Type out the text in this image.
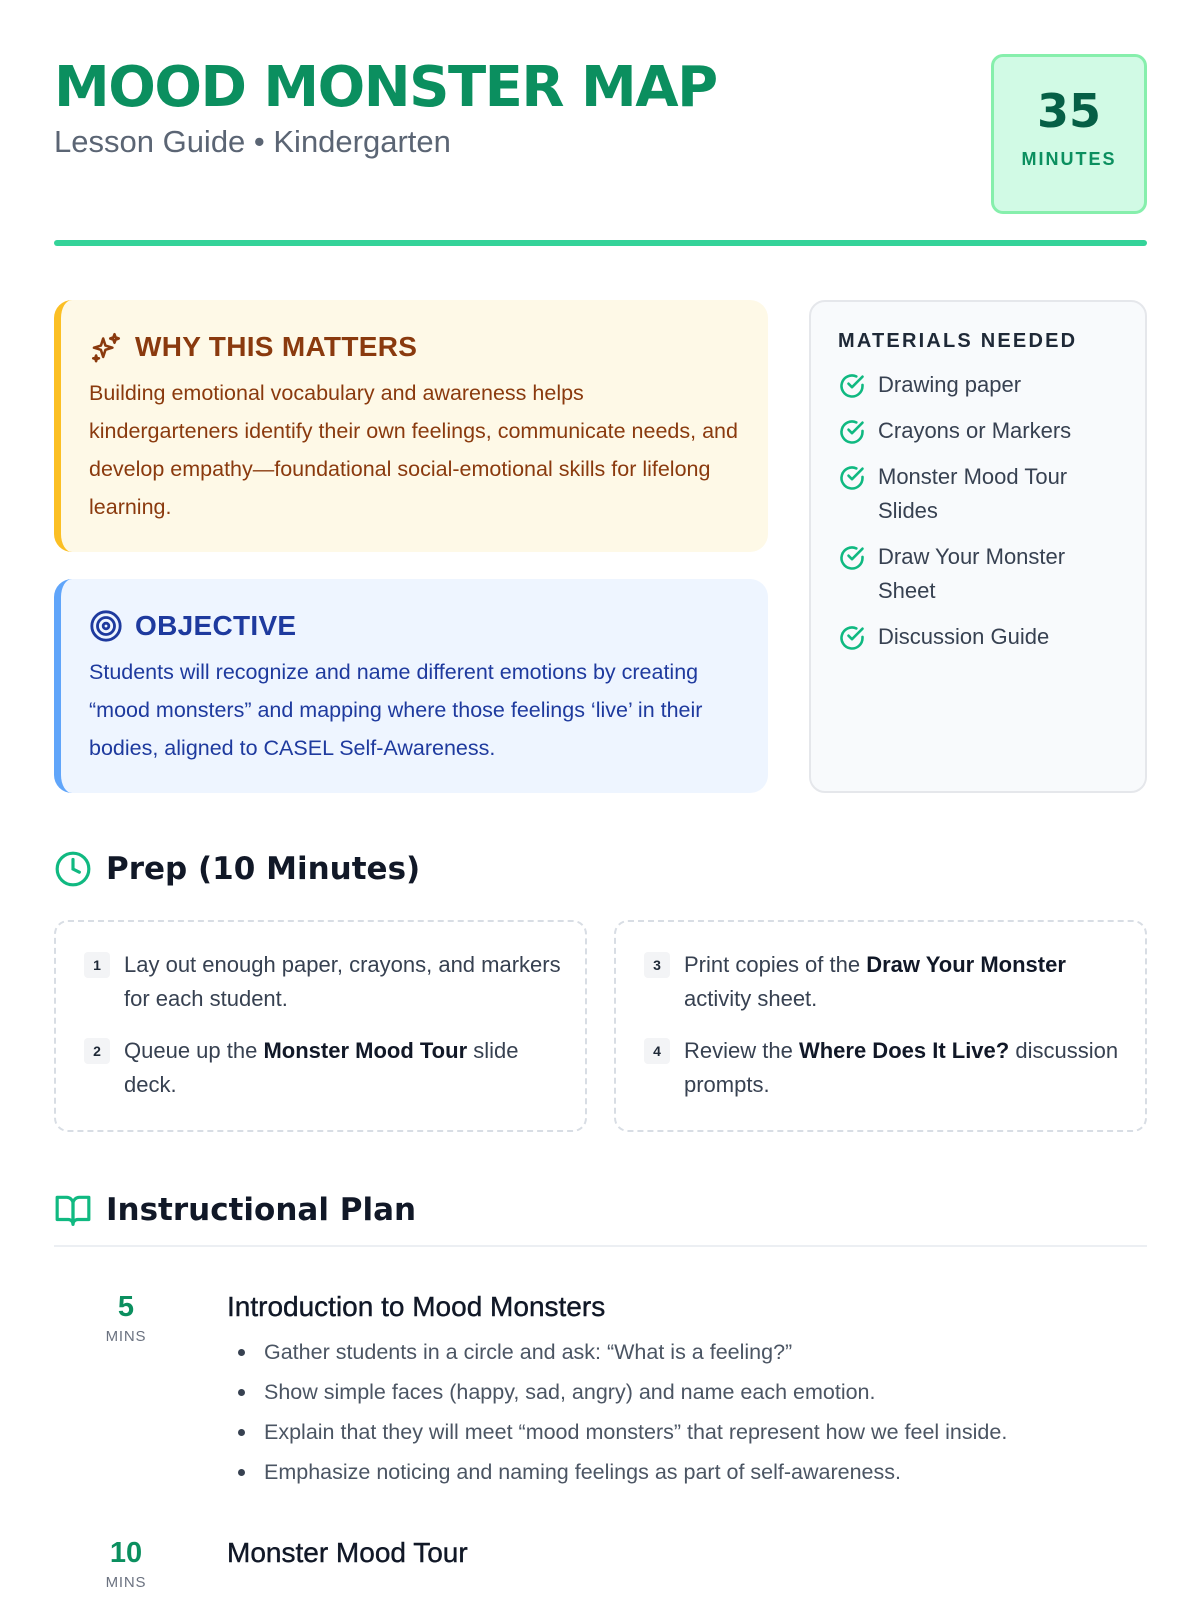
MOOD MONSTER MAP
Lesson Guide • Kindergarten
35
MINUTES
WHY THIS MATTERS

Building emotional vocabulary and awareness helps kindergarteners identify their own feelings, communicate needs, and develop empathy—foundational social-emotional skills for lifelong learning.

OBJECTIVE

Students will recognize and name different emotions by creating “mood monsters” and mapping where those feelings ‘live’ in their bodies, aligned to CASEL Self-Awareness.

MATERIALS NEEDED
Drawing paper
Crayons or Markers
Monster Mood Tour Slides
Draw Your Monster Sheet
Discussion Guide
Prep (10 Minutes)
1	Lay out enough paper, crayons, and markers for each student.
2	Queue up the Monster Mood Tour slide deck.
3	Print copies of the Draw Your Monster activity sheet.
4	Review the Where Does It Live? discussion prompts.
Instructional Plan
5
MINS
Introduction to Mood Monsters
Gather students in a circle and ask: “What is a feeling?”
Show simple faces (happy, sad, angry) and name each emotion.
Explain that they will meet “mood monsters” that represent how we feel inside.
Emphasize noticing and naming feelings as part of self-awareness.
10
MINS
Monster Mood Tour
